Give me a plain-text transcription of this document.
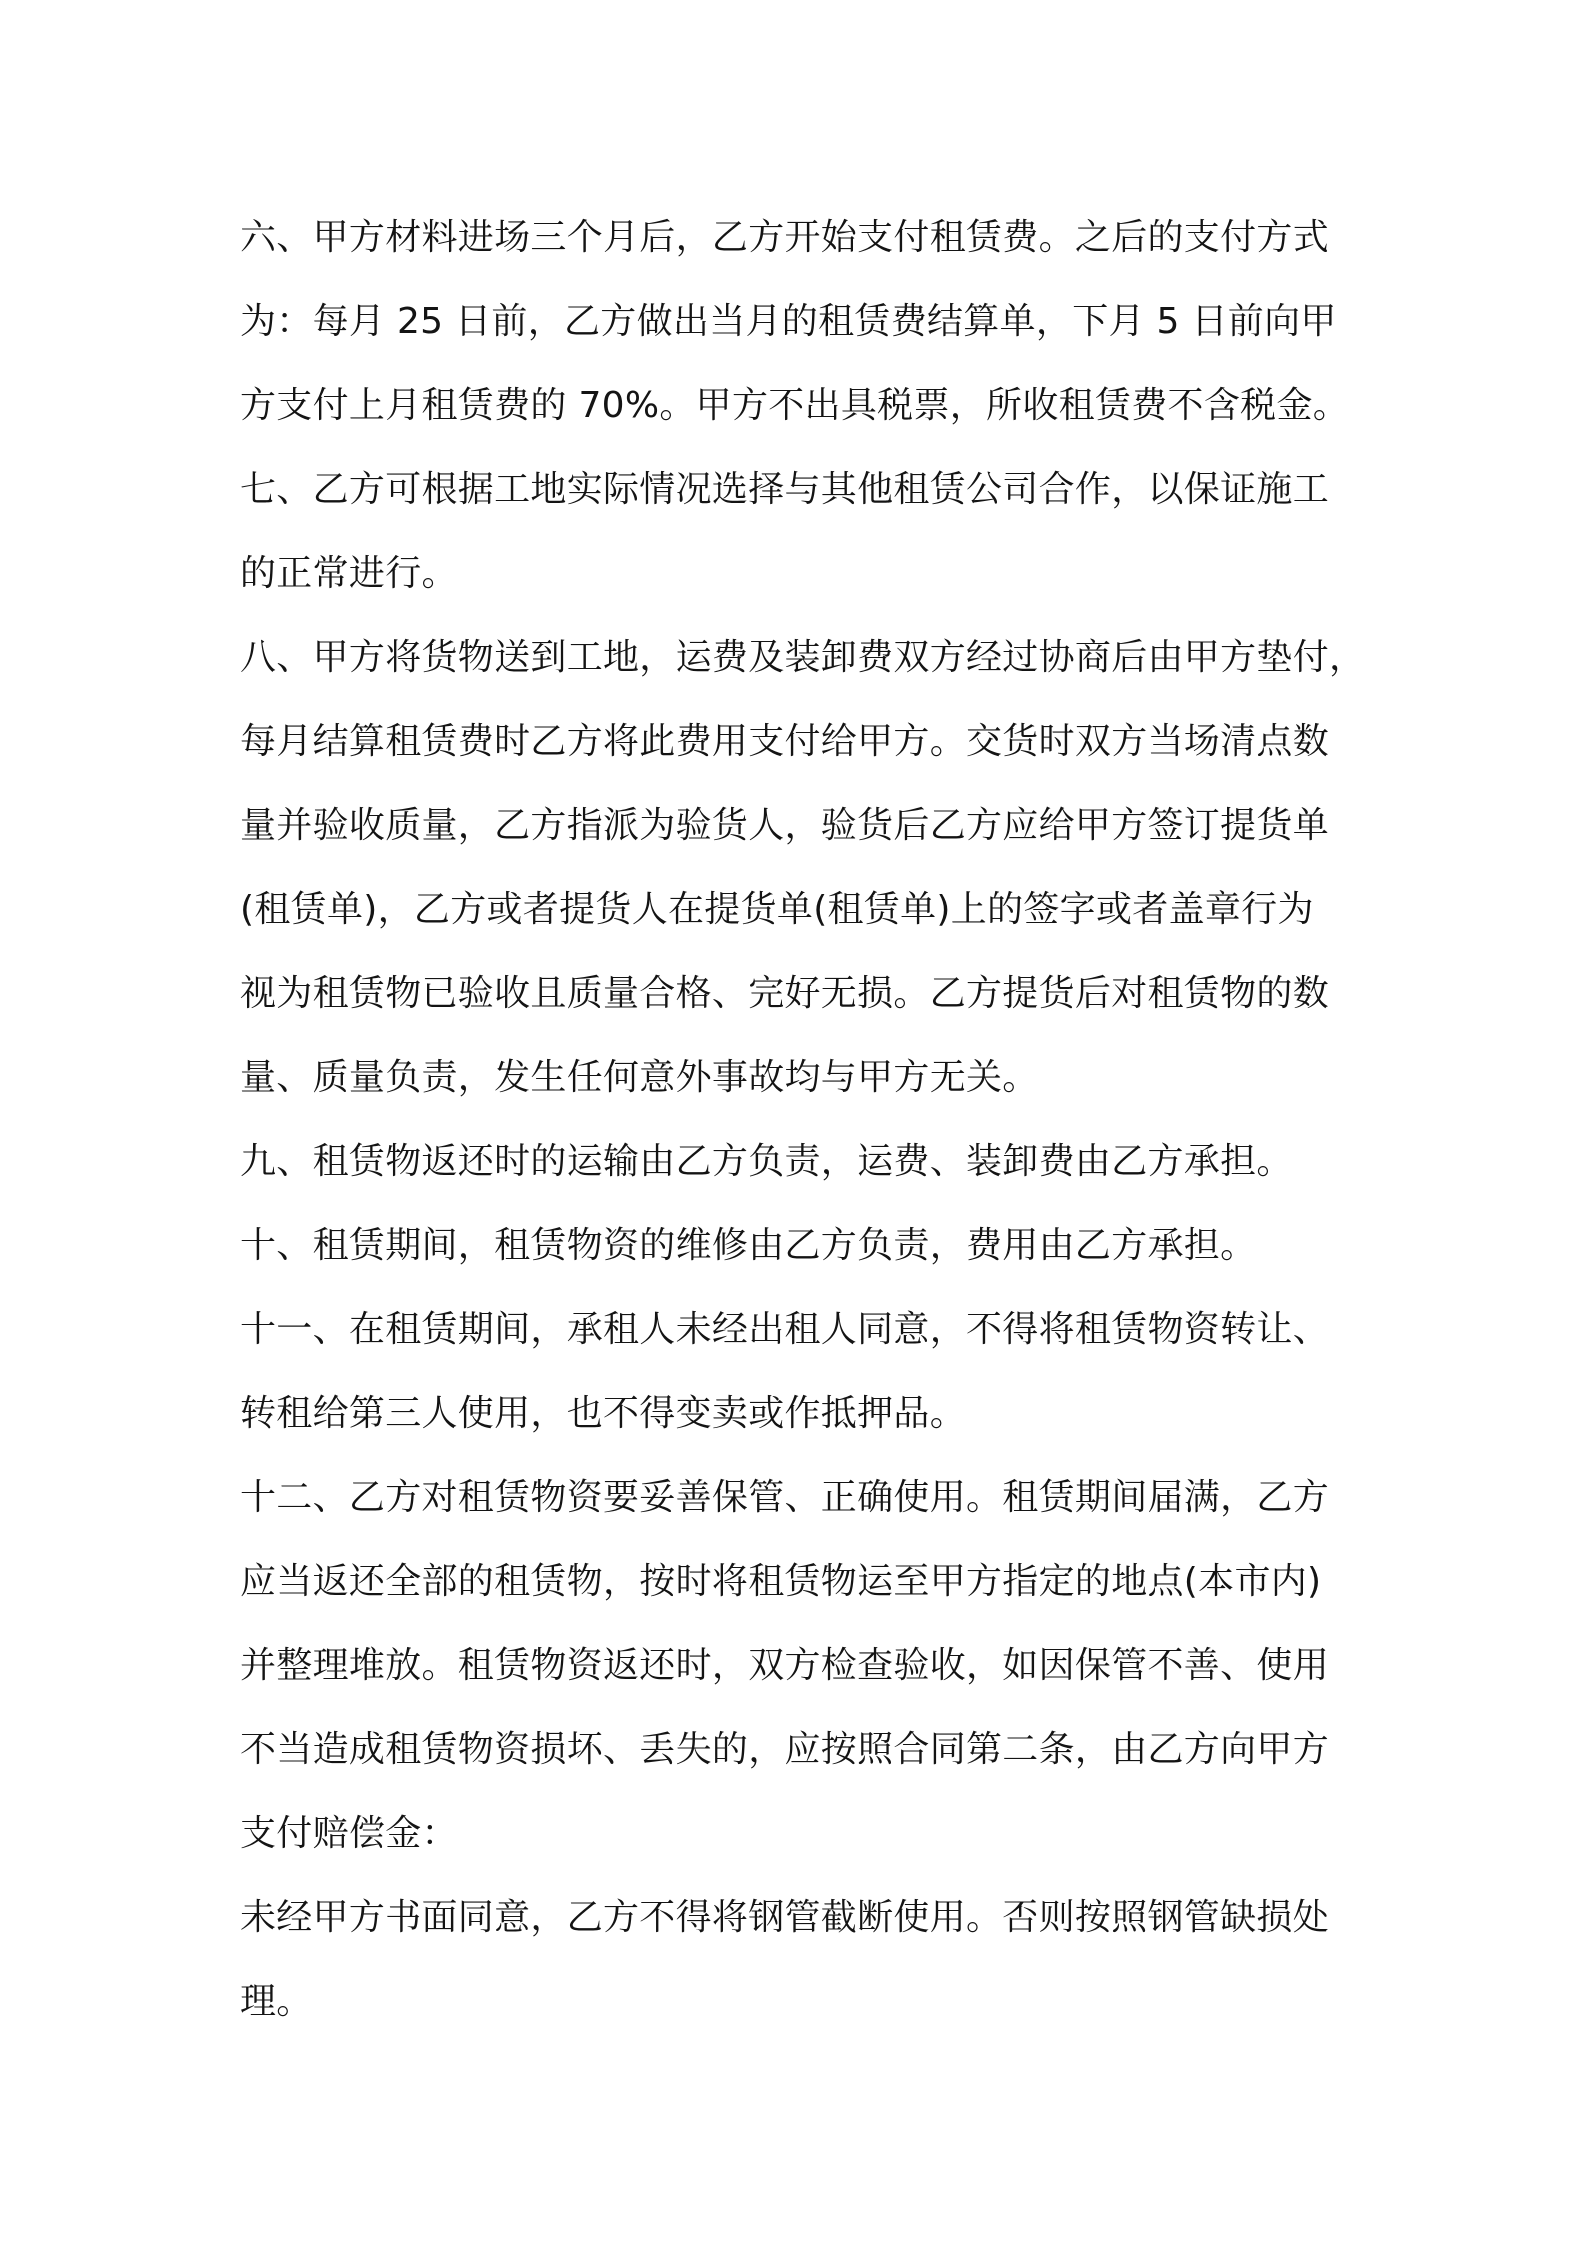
六、甲方材料进场三个月后，乙方开始支付租赁费。之后的支付方式
为：每月 25 日前，乙方做出当月的租赁费结算单，下月 5 日前向甲
方支付上月租赁费的 70%。甲方不出具税票，所收租赁费不含税金。
七、乙方可根据工地实际情况选择与其他租赁公司合作，以保证施工
的正常进行。
八、甲方将货物送到工地，运费及装卸费双方经过协商后由甲方垫付，
每月结算租赁费时乙方将此费用支付给甲方。交货时双方当场清点数
量并验收质量，乙方指派为验货人，验货后乙方应给甲方签订提货单
(租赁单)，乙方或者提货人在提货单(租赁单)上的签字或者盖章行为
视为租赁物已验收且质量合格、完好无损。乙方提货后对租赁物的数
量、质量负责，发生任何意外事故均与甲方无关。
九、租赁物返还时的运输由乙方负责，运费、装卸费由乙方承担。
十、租赁期间，租赁物资的维修由乙方负责，费用由乙方承担。
十一、在租赁期间，承租人未经出租人同意，不得将租赁物资转让、
转租给第三人使用，也不得变卖或作抵押品。
十二、乙方对租赁物资要妥善保管、正确使用。租赁期间届满，乙方
应当返还全部的租赁物，按时将租赁物运至甲方指定的地点(本市内)
并整理堆放。租赁物资返还时，双方检查验收，如因保管不善、使用
不当造成租赁物资损坏、丢失的，应按照合同第二条，由乙方向甲方
支付赔偿金：
未经甲方书面同意，乙方不得将钢管截断使用。否则按照钢管缺损处
理。
